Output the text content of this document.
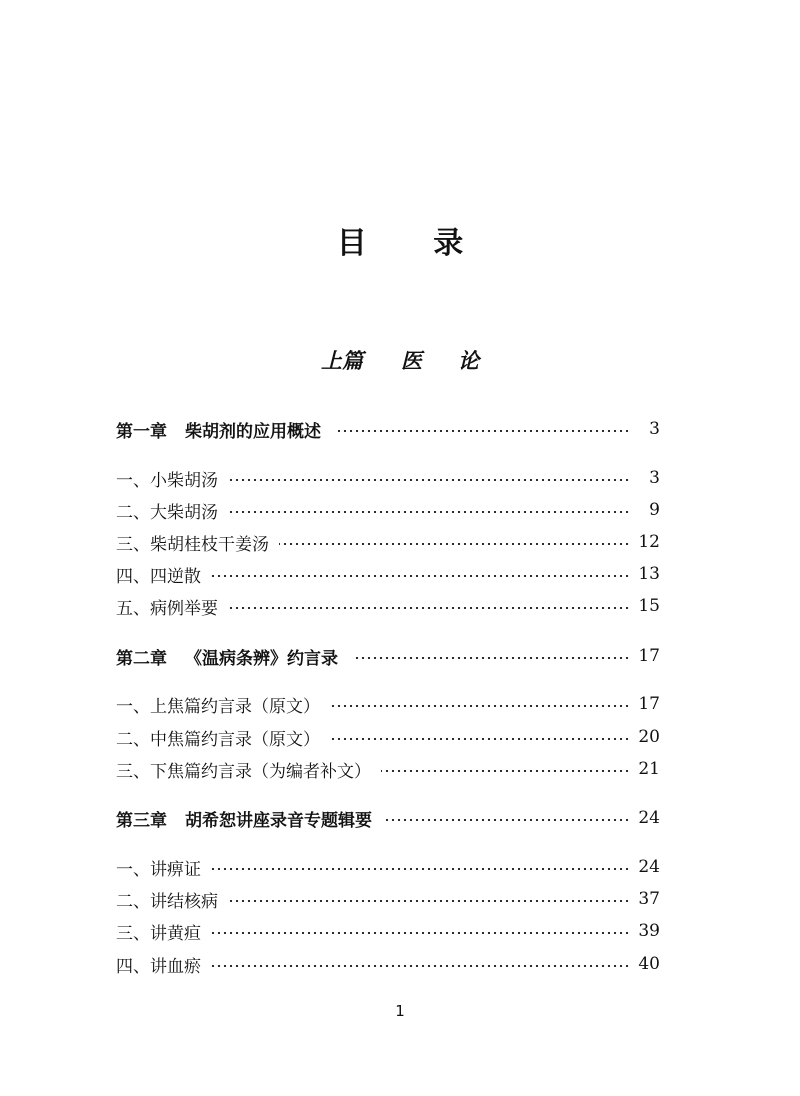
目 录
上篇 医 论
第一章 柴胡剂的应用概述	3
一、小柴胡汤	3
二、大柴胡汤	9
三、柴胡桂枝干姜汤	12
四、四逆散	13
五、病例举要	15
第二章 《温病条辨》约言录	17
一、上焦篇约言录（原文）	17
二、中焦篇约言录（原文）	20
三、下焦篇约言录（为编者补文）	21
第三章 胡希恕讲座录音专题辑要	24
一、讲痹证	24
二、讲结核病	37
三、讲黄疸	39
四、讲血瘀	40
1
